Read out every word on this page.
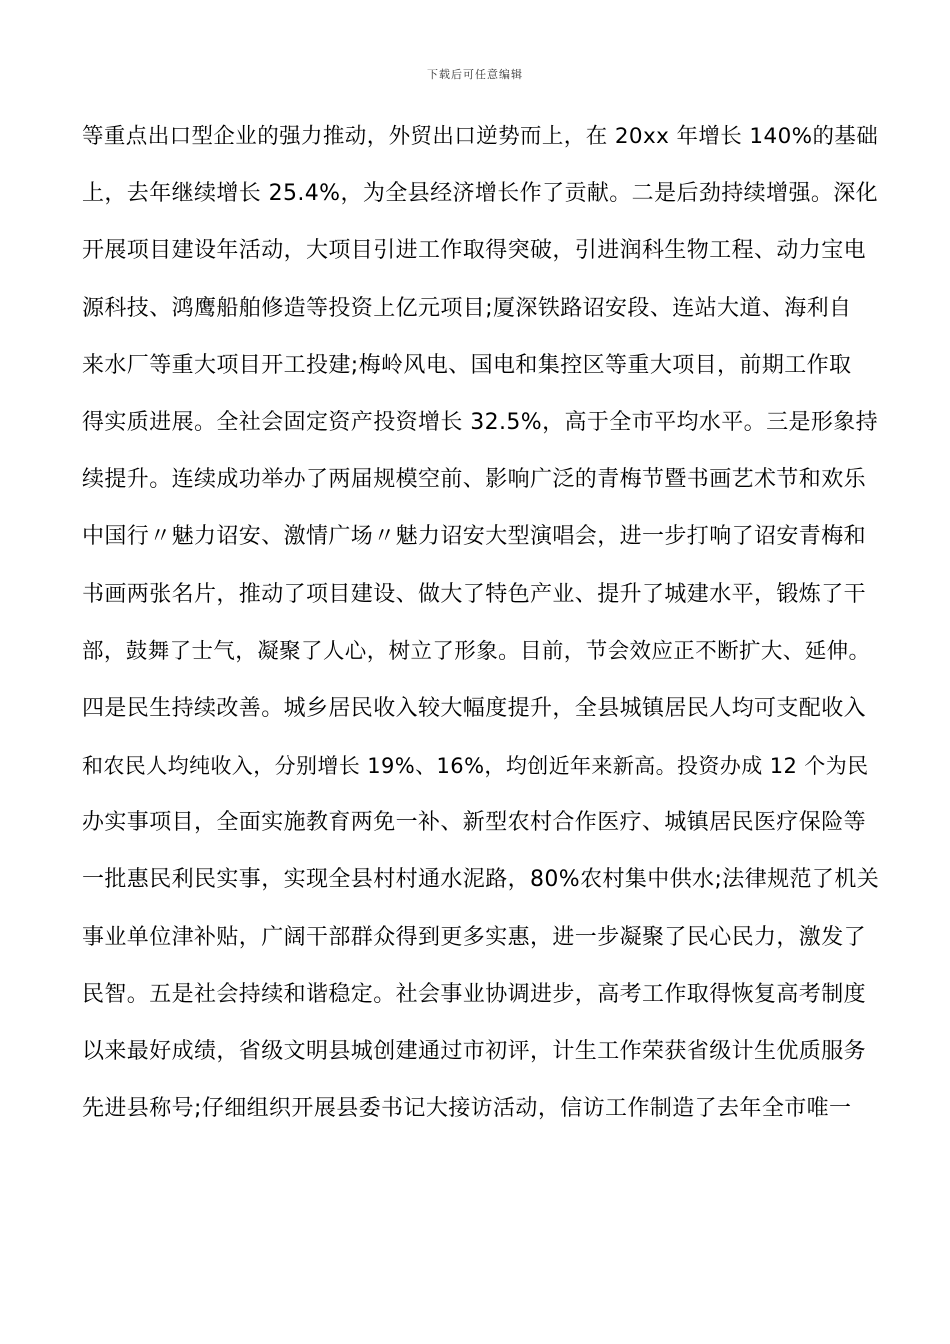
下载后可任意编辑
等重点出口型企业的强力推动，外贸出口逆势而上，在 20xx 年增长 140%的基础
上，去年继续增长 25.4%，为全县经济增长作了贡献。二是后劲持续增强。深化
开展项目建设年活动，大项目引进工作取得突破，引进润科生物工程、动力宝电
源科技、鸿鹰船舶修造等投资上亿元项目;厦深铁路诏安段、连站大道、海利自
来水厂等重大项目开工投建;梅岭风电、国电和集控区等重大项目，前期工作取
得实质进展。全社会固定资产投资增长 32.5%，高于全市平均水平。三是形象持
续提升。连续成功举办了两届规模空前、影响广泛的青梅节暨书画艺术节和欢乐
中国行〃魅力诏安、激情广场〃魅力诏安大型演唱会，进一步打响了诏安青梅和
书画两张名片，推动了项目建设、做大了特色产业、提升了城建水平，锻炼了干
部，鼓舞了士气，凝聚了人心，树立了形象。目前，节会效应正不断扩大、延伸。
四是民生持续改善。城乡居民收入较大幅度提升，全县城镇居民人均可支配收入
和农民人均纯收入，分别增长 19%、16%，均创近年来新高。投资办成 12 个为民
办实事项目，全面实施教育两免一补、新型农村合作医疗、城镇居民医疗保险等
一批惠民利民实事，实现全县村村通水泥路，80%农村集中供水;法律规范了机关
事业单位津补贴，广阔干部群众得到更多实惠，进一步凝聚了民心民力，激发了
民智。五是社会持续和谐稳定。社会事业协调进步，高考工作取得恢复高考制度
以来最好成绩，省级文明县城创建通过市初评，计生工作荣获省级计生优质服务
先进县称号;仔细组织开展县委书记大接访活动，信访工作制造了去年全市唯一
